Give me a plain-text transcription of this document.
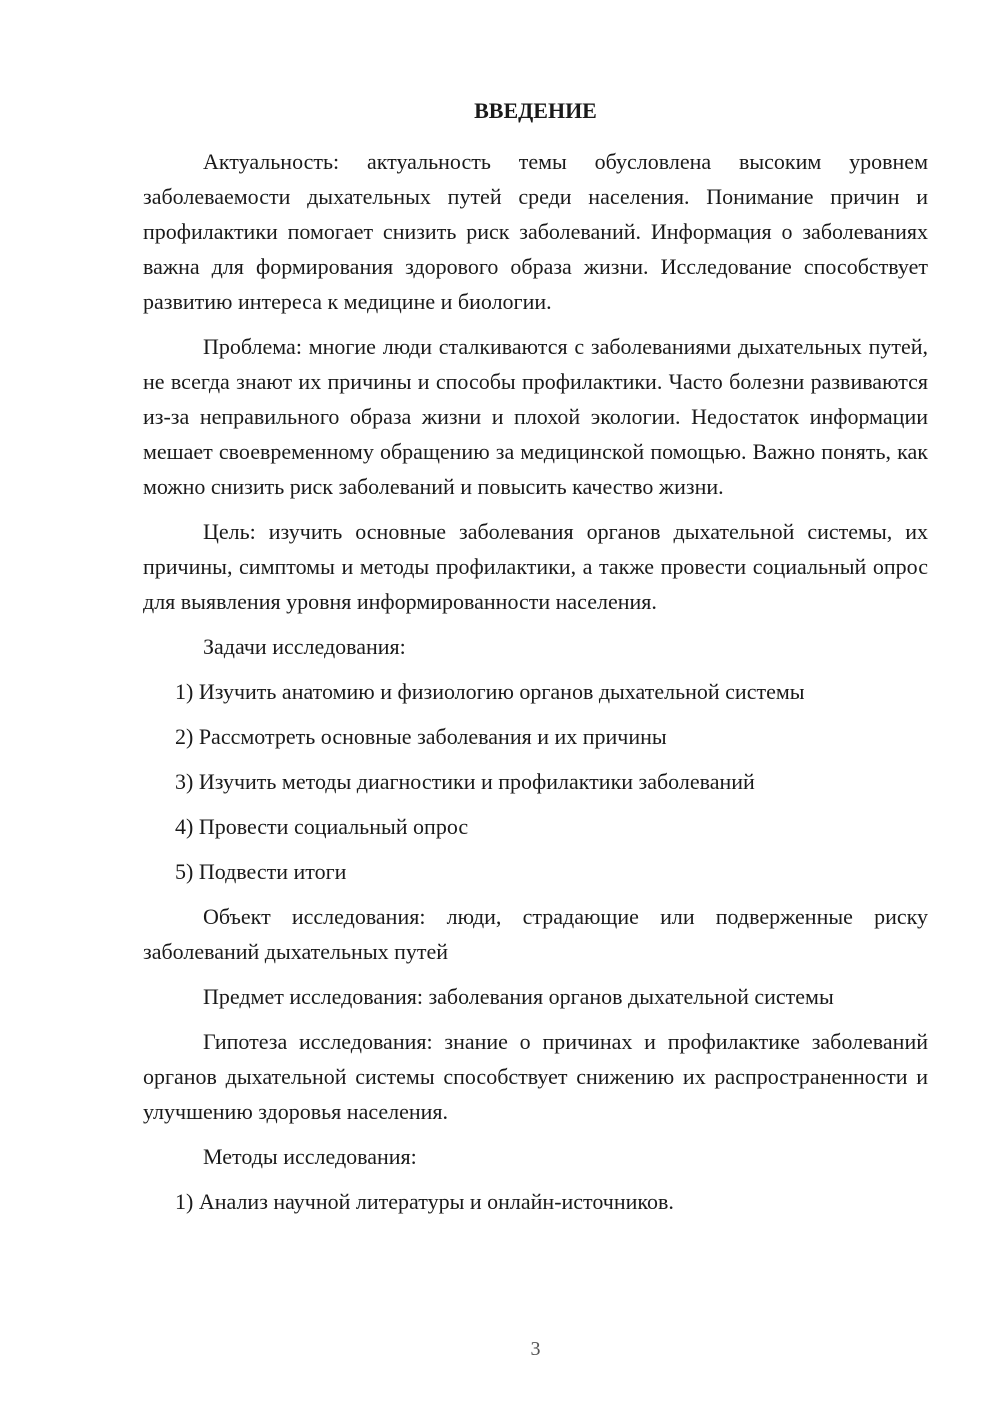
ВВЕДЕНИЕ

Актуальность: актуальность темы обусловлена высоким уровнем заболеваемости дыхательных путей среди населения. Понимание причин и профилактики помогает снизить риск заболеваний. Информация о заболеваниях важна для формирования здорового образа жизни. Исследование способствует развитию интереса к медицине и биологии.

Проблема: многие люди сталкиваются с заболеваниями дыхательных путей, не всегда знают их причины и способы профилактики. Часто болезни развиваются из-за неправильного образа жизни и плохой экологии. Недостаток информации мешает своевременному обращению за медицинской помощью. Важно понять, как можно снизить риск заболеваний и повысить качество жизни.

Цель: изучить основные заболевания органов дыхательной системы, их причины, симптомы и методы профилактики, а также провести социальный опрос для выявления уровня информированности населения.

Задачи исследования:

1) Изучить анатомию и физиологию органов дыхательной системы
2) Рассмотреть основные заболевания и их причины
3) Изучить методы диагностики и профилактики заболеваний
4) Провести социальный опрос
5) Подвести итоги

Объект исследования: люди, страдающие или подверженные риску заболеваний дыхательных путей

Предмет исследования: заболевания органов дыхательной системы

Гипотеза исследования: знание о причинах и профилактике заболеваний органов дыхательной системы способствует снижению их распространенности и улучшению здоровья населения.

Методы исследования:

1) Анализ научной литературы и онлайн-источников.
3
